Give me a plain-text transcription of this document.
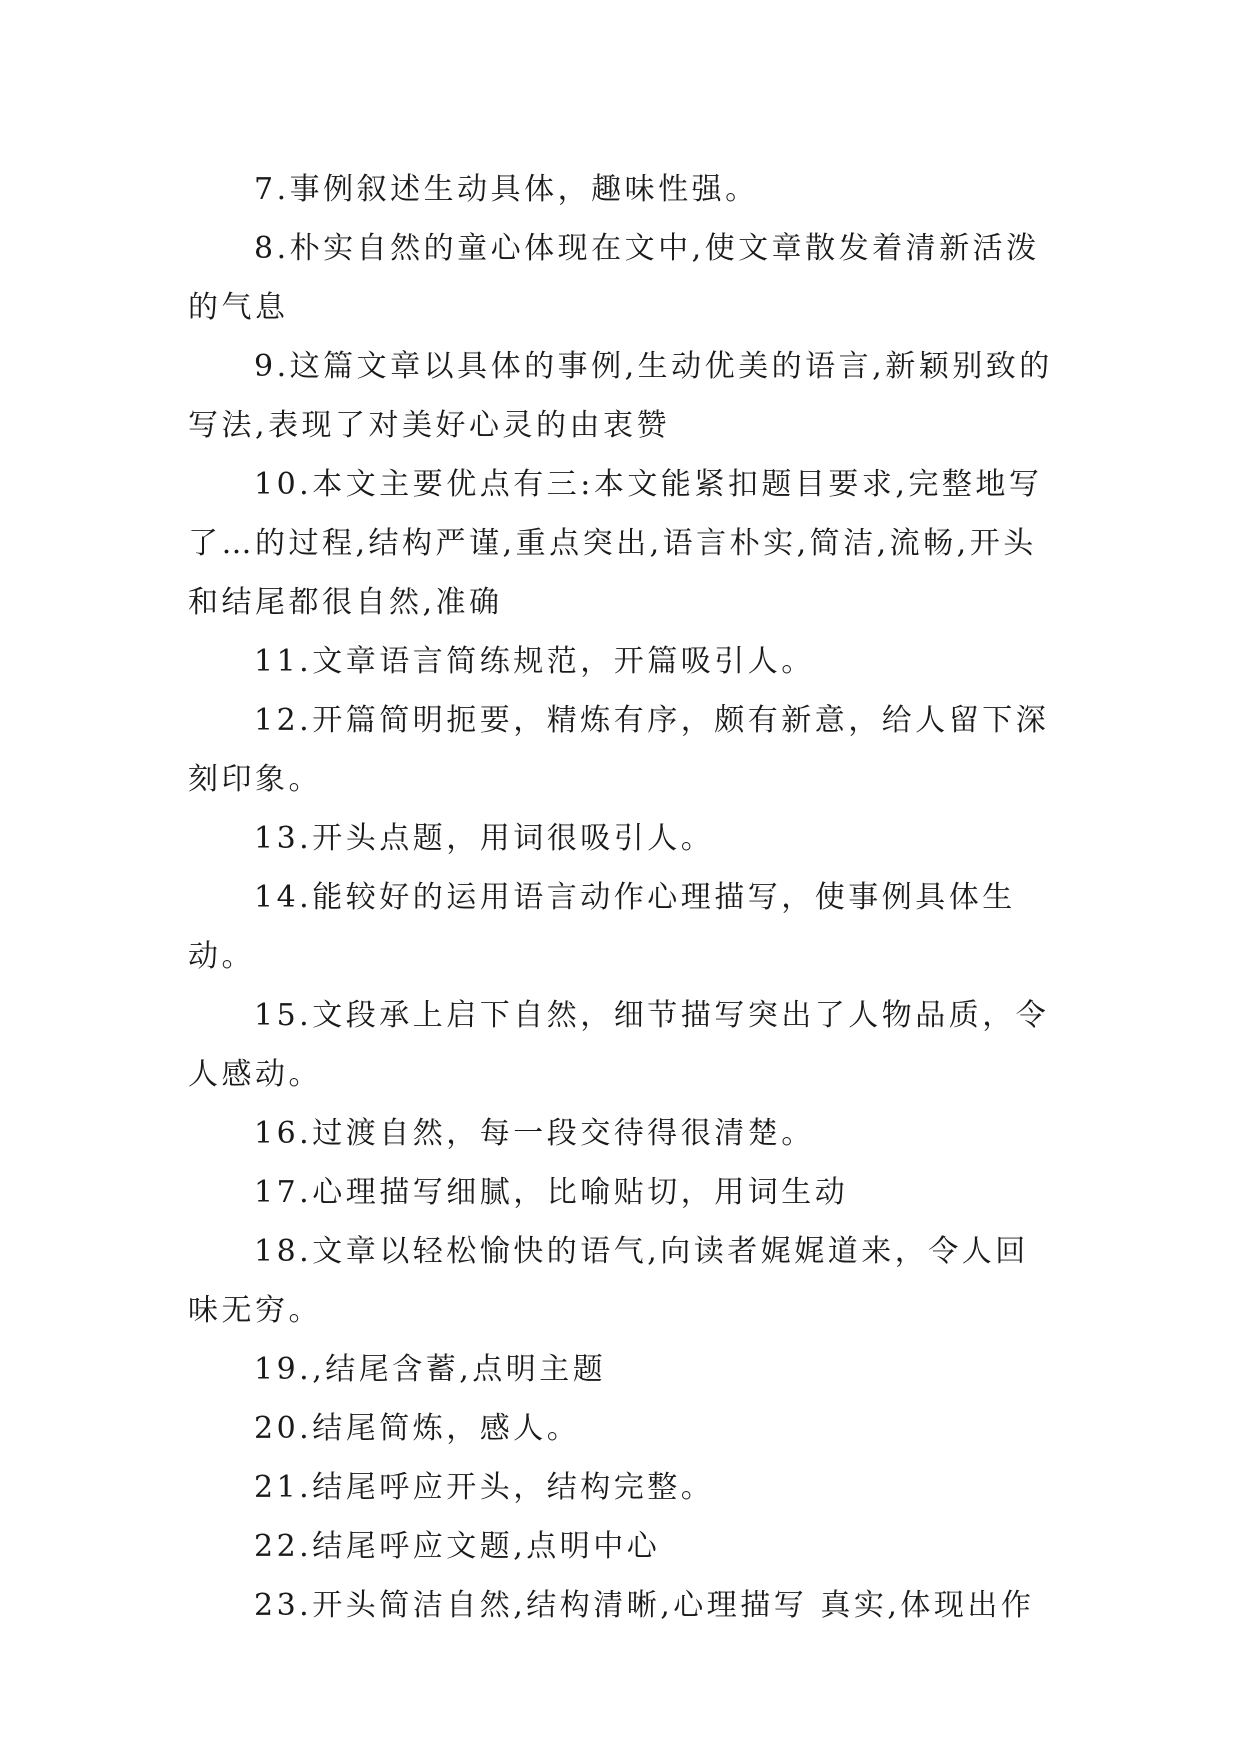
7.事例叙述生动具体，趣味性强。

8.朴实自然的童心体现在文中,使文章散发着清新活泼的气息

9.这篇文章以具体的事例,生动优美的语言,新颖别致的写法,表现了对美好心灵的由衷赞

10.本文主要优点有三:本文能紧扣题目要求,完整地写了…的过程,结构严谨,重点突出,语言朴实,简洁,流畅,开头和结尾都很自然,准确

11.文章语言简练规范，开篇吸引人。

12.开篇简明扼要，精炼有序，颇有新意，给人留下深刻印象。

13.开头点题，用词很吸引人。

14.能较好的运用语言动作心理描写，使事例具体生动。

15.文段承上启下自然，细节描写突出了人物品质，令人感动。

16.过渡自然，每一段交待得很清楚。

17.心理描写细腻，比喻贴切，用词生动

18.文章以轻松愉快的语气,向读者娓娓道来，令人回味无穷。

19.,结尾含蓄,点明主题

20.结尾简炼，感人。

21.结尾呼应开头，结构完整。

22.结尾呼应文题,点明中心

23.开头简洁自然,结构清晰,心理描写 真实,体现出作
